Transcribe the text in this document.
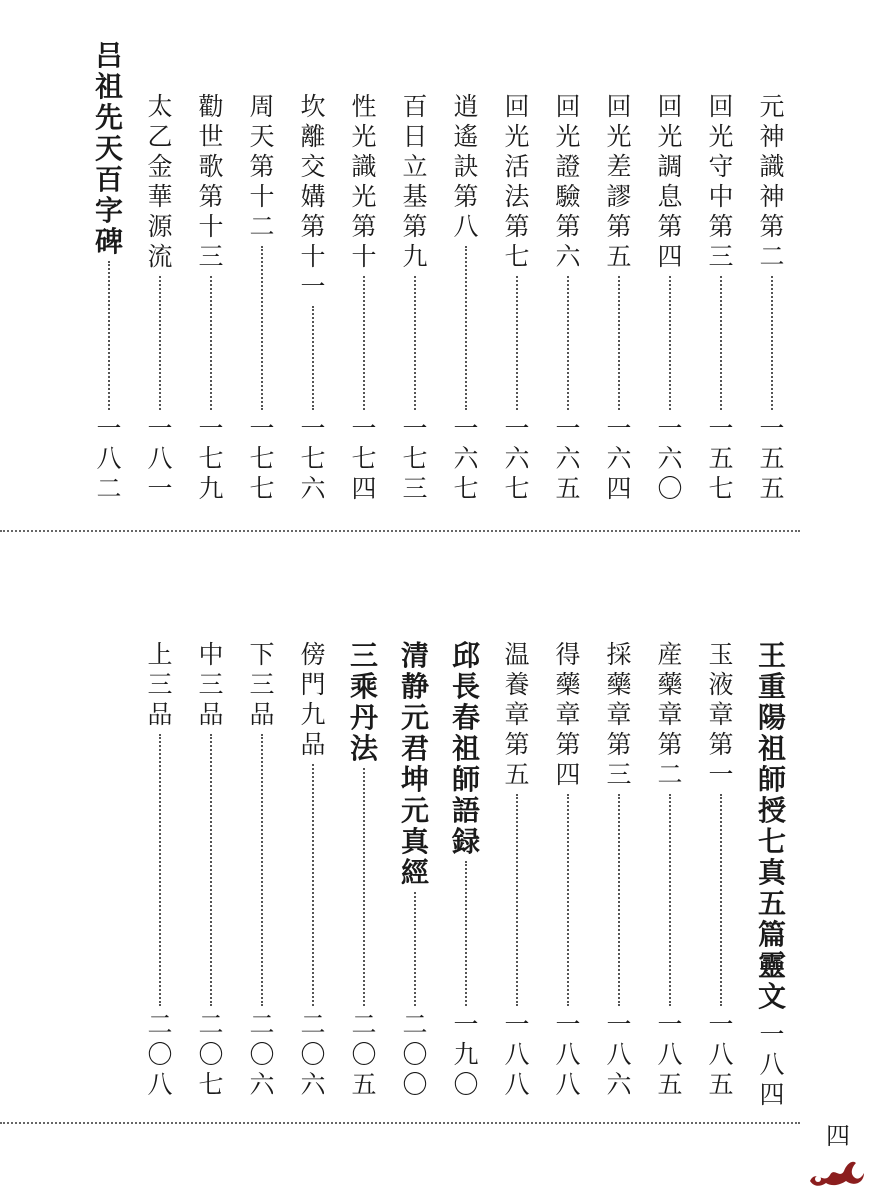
元
神
識
神
第
二
一
五
五
回
光
守
中
第
三
一
五
七
回
光
調
息
第
四
一
六
〇
回
光
差
謬
第
五
一
六
四
回
光
證
驗
第
六
一
六
五
回
光
活
法
第
七
一
六
七
逍
遙
訣
第
八
一
六
七
百
日
立
基
第
九
一
七
三
性
光
識
光
第
十
一
七
四
坎
離
交
媾
第
十
一
一
七
六
周
天
第
十
二
一
七
七
勸
世
歌
第
十
三
一
七
九
太
乙
金
華
源
流
一
八
一
吕
祖
先
天
百
字
碑
一
八
二
王
重
陽
祖
師
授
七
真
五
篇
靈
文
一
八
四
玉
液
章
第
一
一
八
五
産
藥
章
第
二
一
八
五
採
藥
章
第
三
一
八
六
得
藥
章
第
四
一
八
八
温
養
章
第
五
一
八
八
邱
長
春
祖
師
語
録
一
九
〇
清
静
元
君
坤
元
真
經
二
〇
〇
三
乘
丹
法
二
〇
五
傍
門
九
品
二
〇
六
下
三
品
二
〇
六
中
三
品
二
〇
七
上
三
品
二
〇
八
四
